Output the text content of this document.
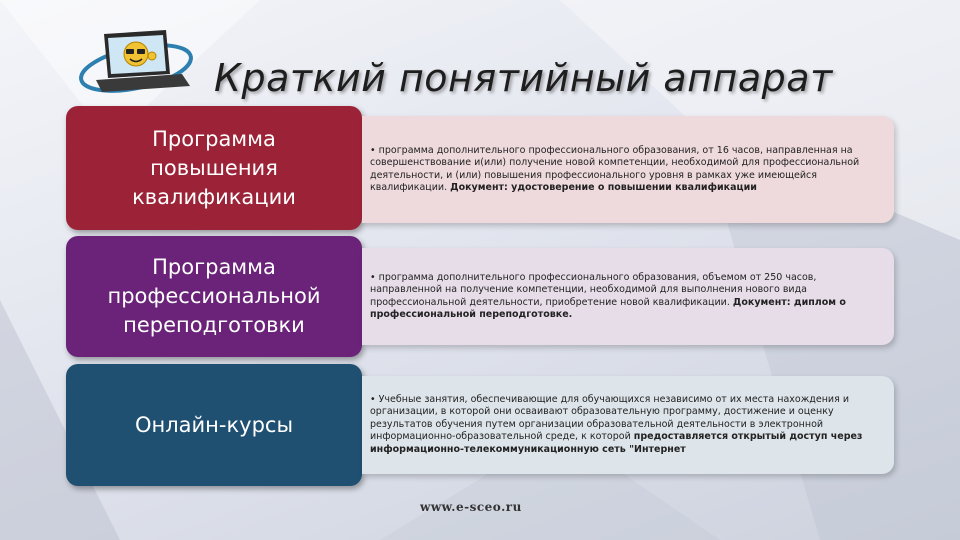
Краткий понятийный аппарат
Программа
повышения
квалификации
• программа дополнительного профессионального образования, от 16 часов, направленная на совершенствование и(или) получение новой компетенции, необходимой для профессиональной деятельности, и (или) повышения профессионального уровня в рамках уже имеющейся квалификации. Документ: удостоверение о повышении квалификации
Программа
профессиональной
переподготовки
• программа дополнительного профессионального образования, объемом от 250 часов, направленной на получение компетенции, необходимой для выполнения нового вида профессиональной деятельности, приобретение новой квалификации. Документ: диплом о профессиональной переподготовке.
Онлайн-курсы
• Учебные занятия, обеспечивающие для обучающихся независимо от их места нахождения и организации, в которой они осваивают образовательную программу, достижение и оценку результатов обучения путем организации образовательной деятельности в электронной информационно-образовательной среде, к которой предоставляется открытый доступ через информационно-телекоммуникационную сеть "Интернет
www.e-sceo.ru
